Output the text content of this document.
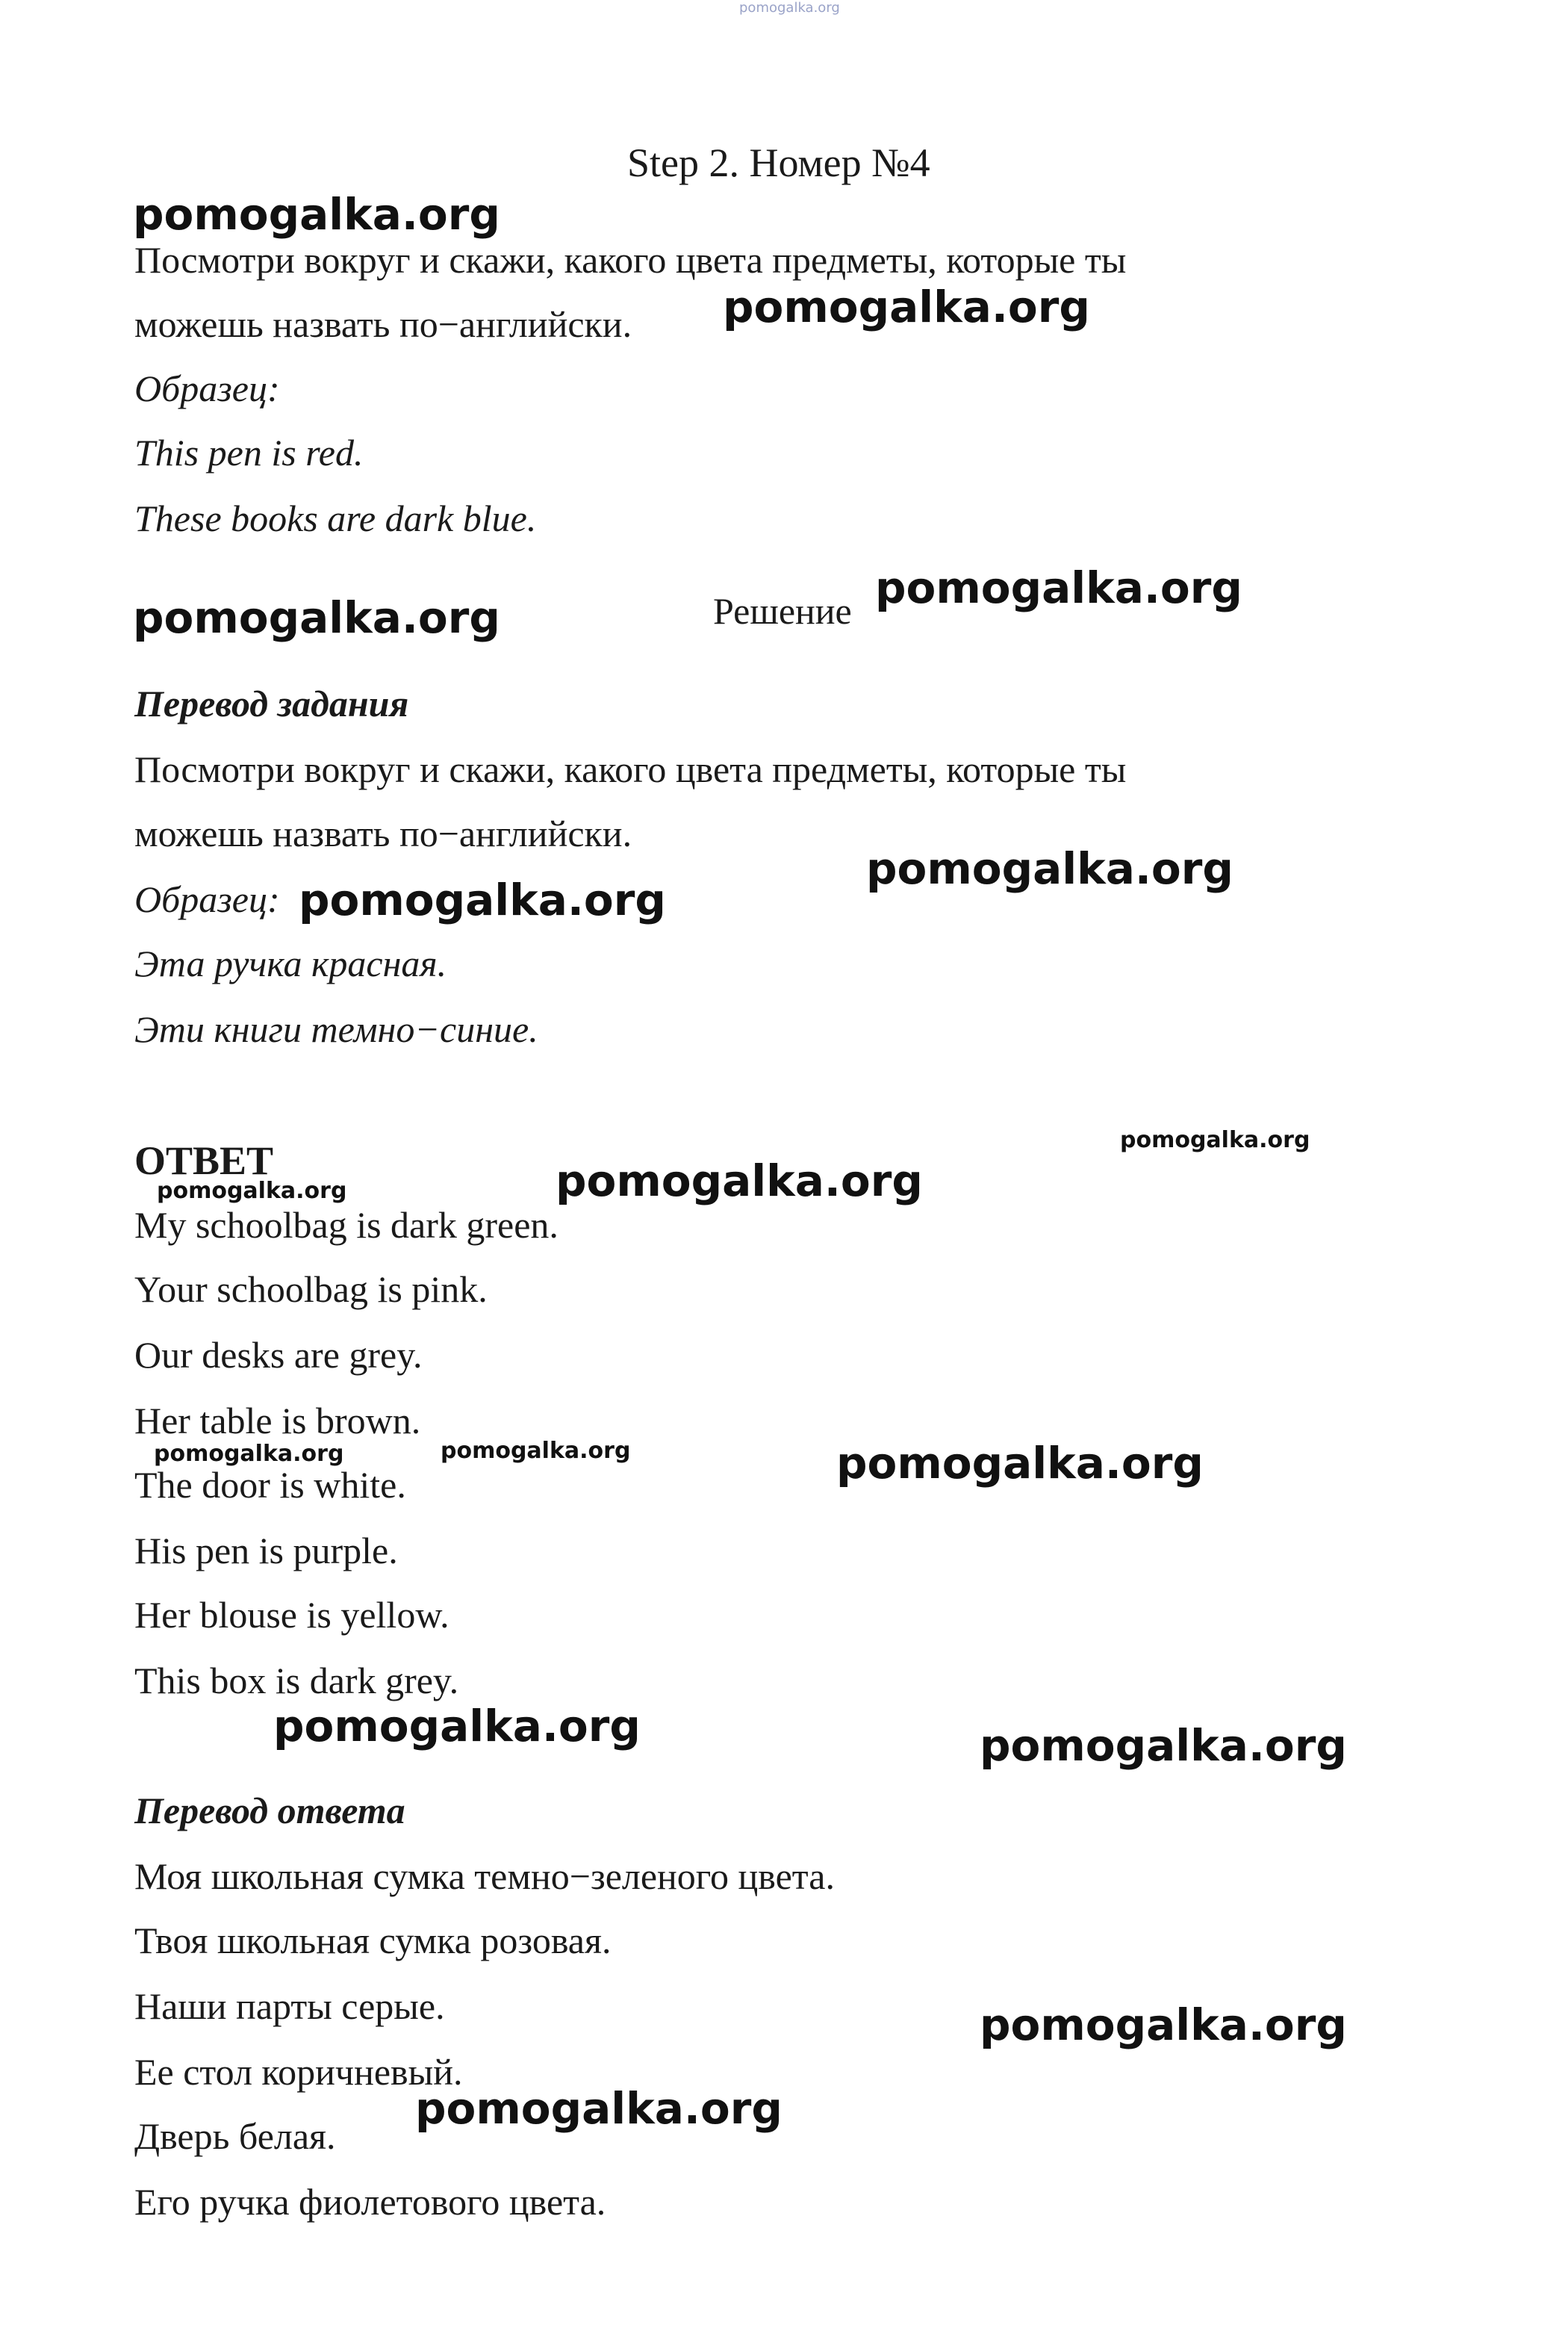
pomogalka.org
Step 2. Номер №4
Посмотри вокруг и скажи, какого цвета предметы, которые ты
можешь назвать по−английски.
Образец:
This pen is red.
These books are dark blue.
Решение
Перевод задания
Посмотри вокруг и скажи, какого цвета предметы, которые ты
можешь назвать по−английски.
Образец:
Эта ручка красная.
Эти книги темно−синие.
ОТВЕТ
My schoolbag is dark green.
Your schoolbag is pink.
Our desks are grey.
Her table is brown.
The door is white.
His pen is purple.
Her blouse is yellow.
This box is dark grey.
Перевод ответа
Моя школьная сумка темно−зеленого цвета.
Твоя школьная сумка розовая.
Наши парты серые.
Ее стол коричневый.
Дверь белая.
Его ручка фиолетового цвета.
pomogalka.org
pomogalka.org
pomogalka.org
pomogalka.org
pomogalka.org
pomogalka.org
pomogalka.org
pomogalka.org
pomogalka.org
pomogalka.org	pomogalka.org	pomogalka.org
pomogalka.org	pomogalka.org
pomogalka.org
pomogalka.org
